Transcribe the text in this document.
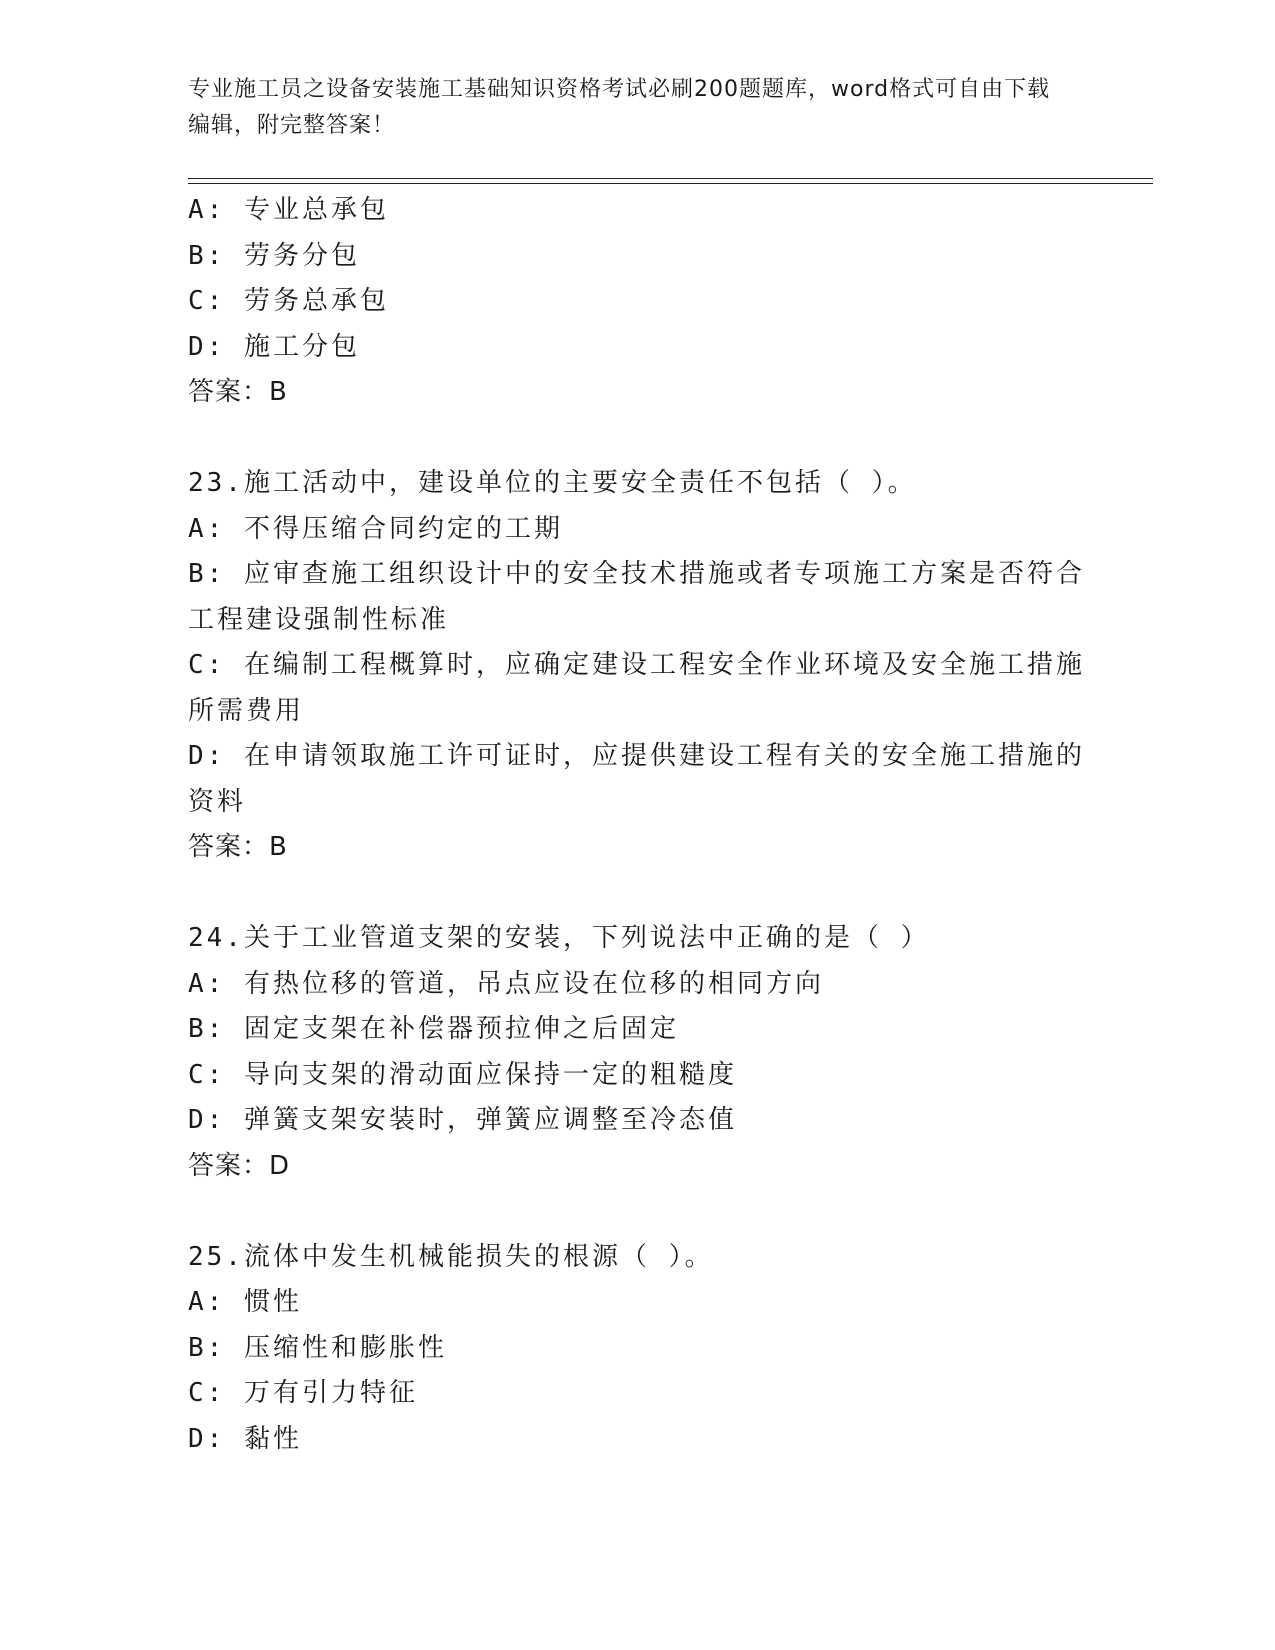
专业施工员之设备安装施工基础知识资格考试必刷200题题库，word格式可自由下载编辑，附完整答案！
A: 专业总承包
B: 劳务分包
C: 劳务总承包
D: 施工分包
答案：B
23.施工活动中，建设单位的主要安全责任不包括（ ）。
A: 不得压缩合同约定的工期
B: 应审查施工组织设计中的安全技术措施或者专项施工方案是否符合工程建设强制性标准
C: 在编制工程概算时，应确定建设工程安全作业环境及安全施工措施所需费用
D: 在申请领取施工许可证时，应提供建设工程有关的安全施工措施的资料
答案：B
24.关于工业管道支架的安装，下列说法中正确的是（ ）
A: 有热位移的管道，吊点应设在位移的相同方向
B: 固定支架在补偿器预拉伸之后固定
C: 导向支架的滑动面应保持一定的粗糙度
D: 弹簧支架安装时，弹簧应调整至冷态值
答案：D
25.流体中发生机械能损失的根源（ ）。
A: 惯性
B: 压缩性和膨胀性
C: 万有引力特征
D: 黏性
